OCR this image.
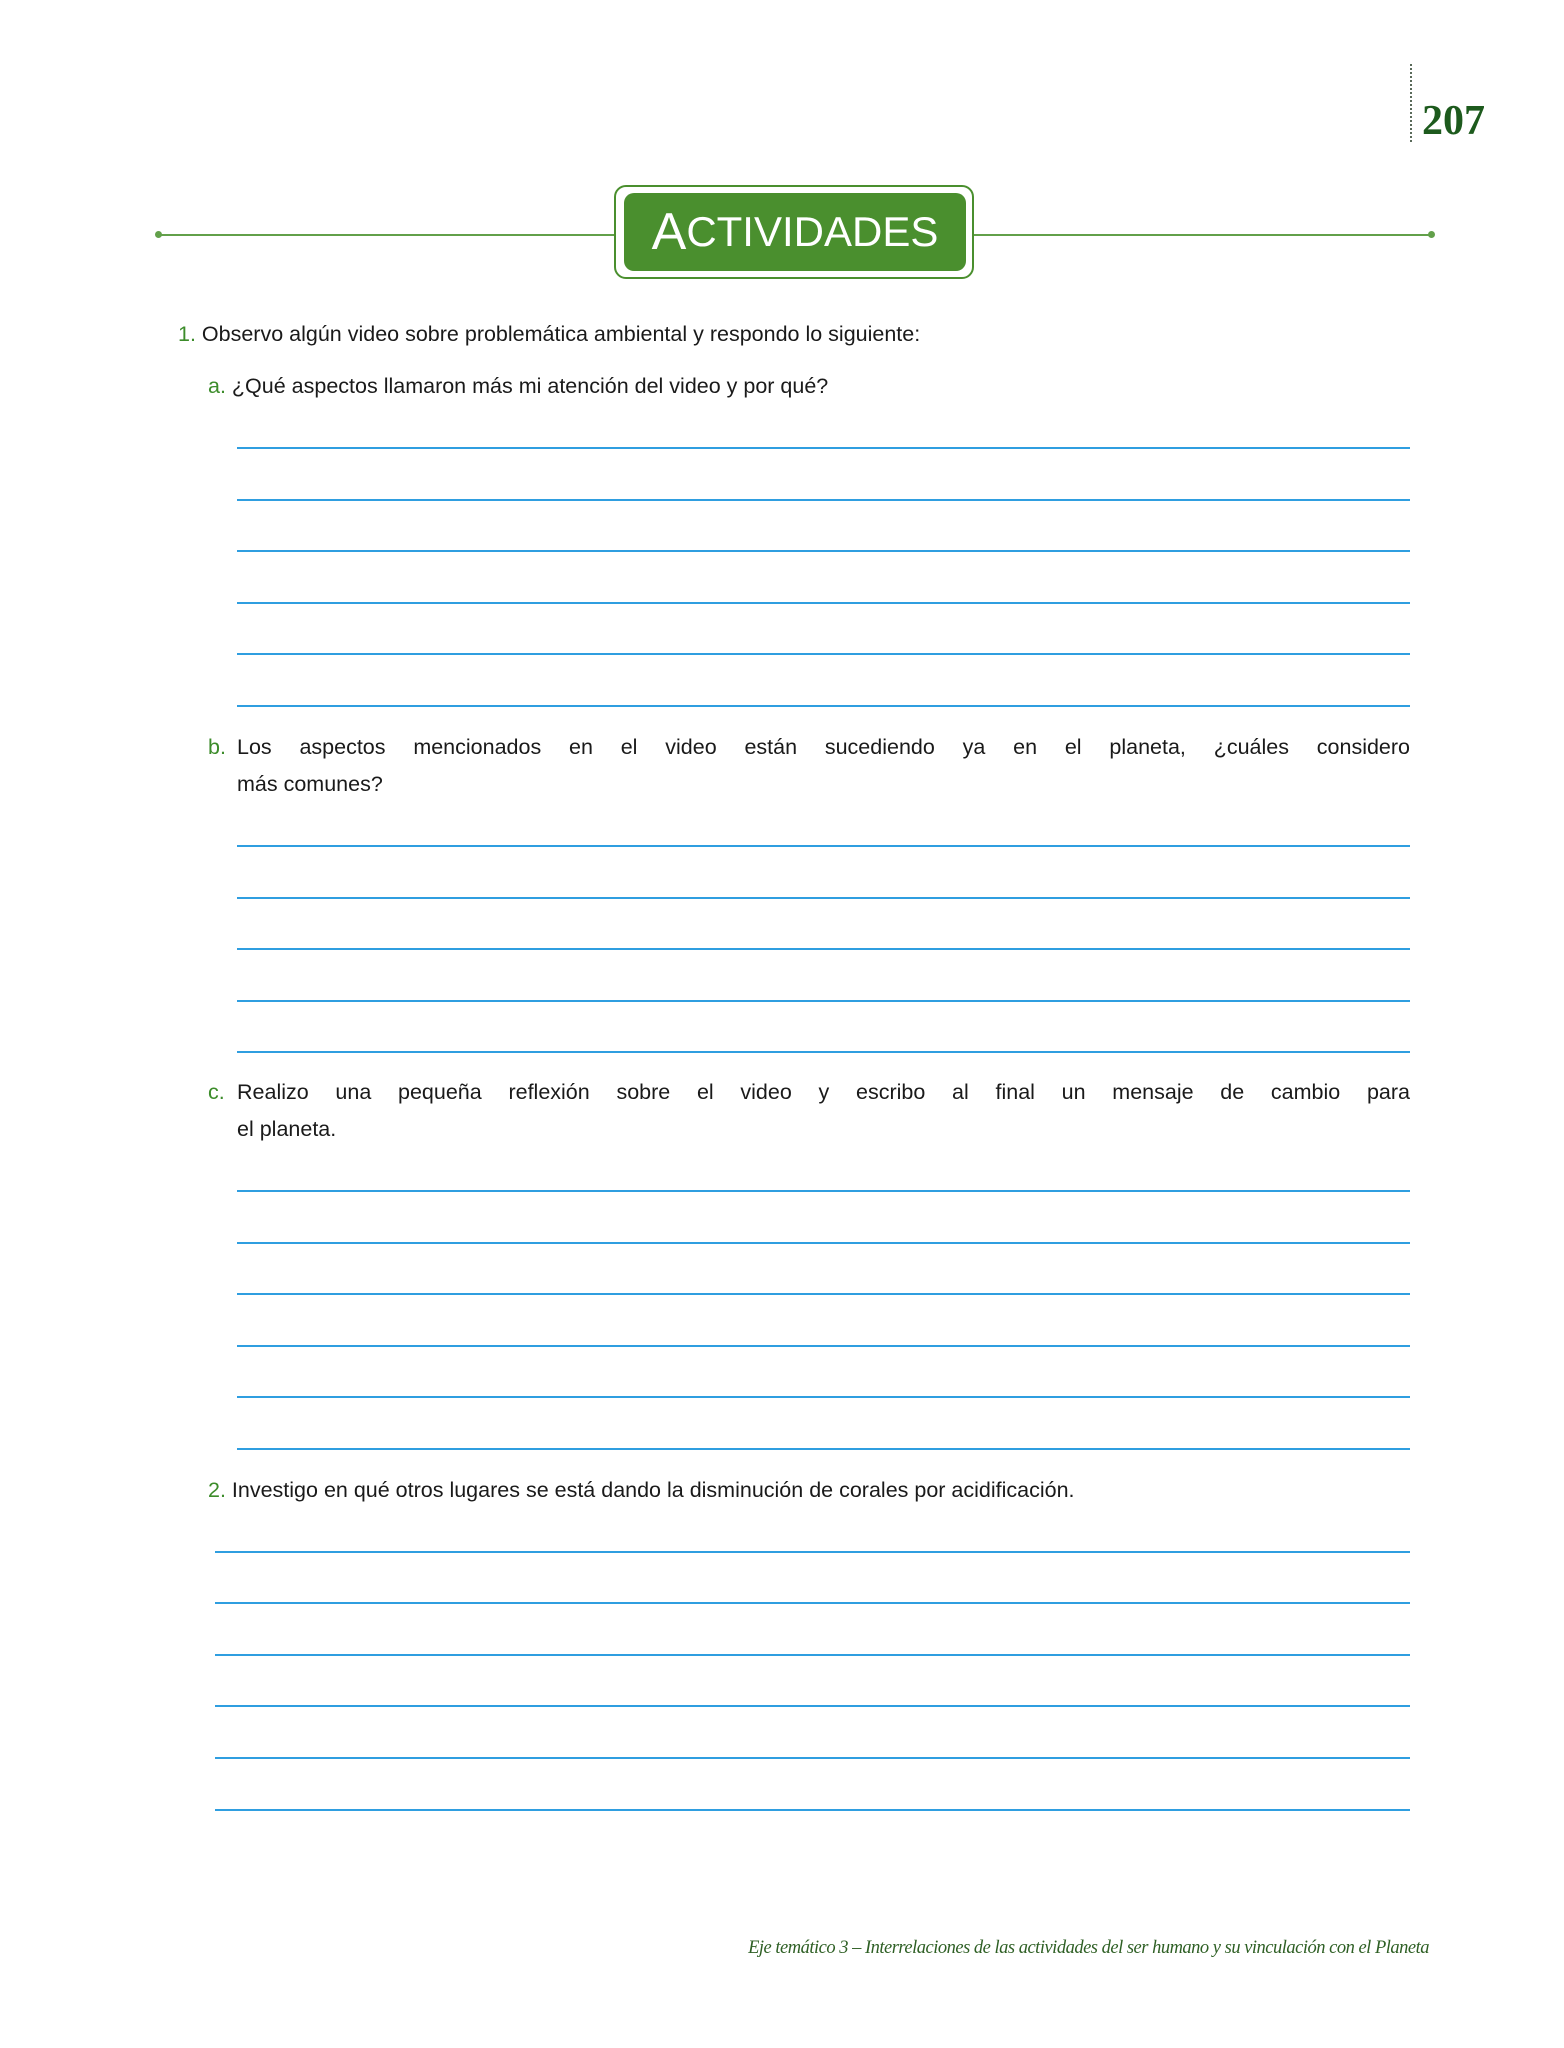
207
A CTIVIDADES
1. Observo algún video sobre problemática ambiental y respondo lo siguiente:
a. ¿Qué aspectos llamaron más mi atención del video y por qué?
b. Los aspectos mencionados en el video están sucediendo ya en el planeta, ¿cuáles considero
más comunes?
c. Realizo una pequeña reflexión sobre el video y escribo al final un mensaje de cambio para
el planeta.
2. Investigo en qué otros lugares se está dando la disminución de corales por acidificación.
Eje temático 3 – Interrelaciones de las actividades del ser humano y su vinculación con el Planeta
